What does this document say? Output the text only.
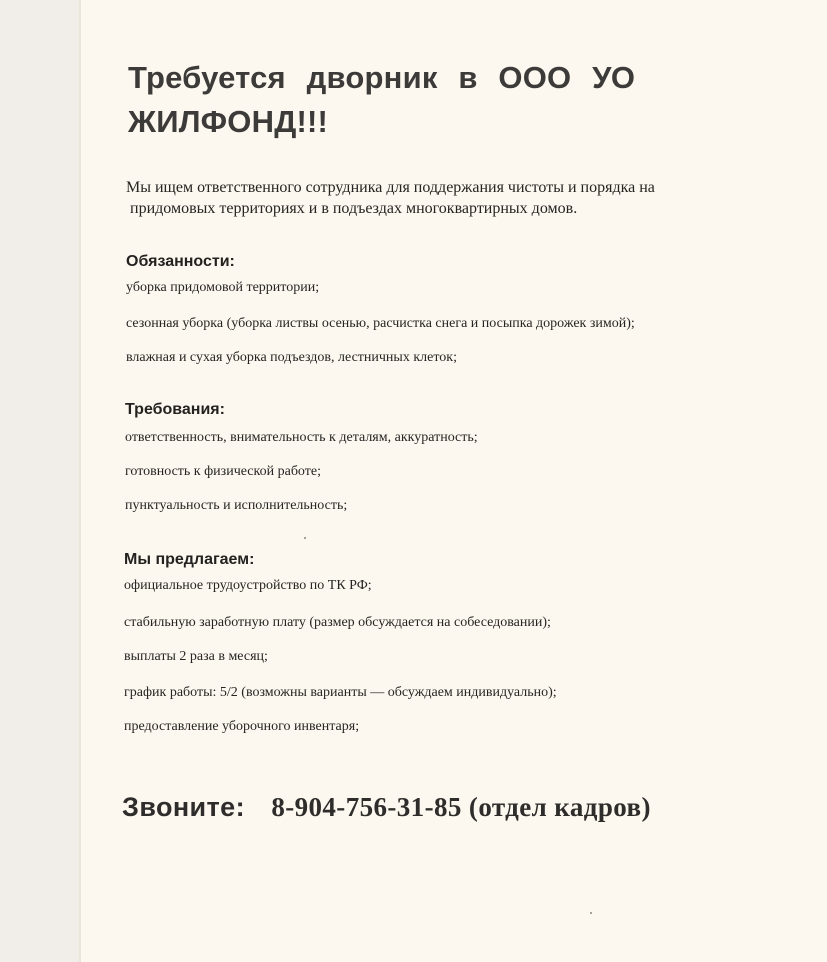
Требуется дворник в ООО УО
ЖИЛФОНД!!!
Мы ищем ответственного сотрудника для поддержания чистоты и порядка на
придомовых территориях и в подъездах многоквартирных домов.
Обязанности:
уборка придомовой территории;
сезонная уборка (уборка листвы осенью, расчистка снега и посыпка дорожек зимой);
влажная и сухая уборка подъездов, лестничных клеток;
Требования:
ответственность, внимательность к деталям, аккуратность;
готовность к физической работе;
пунктуальность и исполнительность;
Мы предлагаем:
официальное трудоустройство по ТК РФ;
стабильную заработную плату (размер обсуждается на собеседовании);
выплаты 2 раза в месяц;
график работы: 5/2 (возможны варианты — обсуждаем индивидуально);
предоставление уборочного инвентаря;
Звоните: 8-904-756-31-85 (отдел кадров)
